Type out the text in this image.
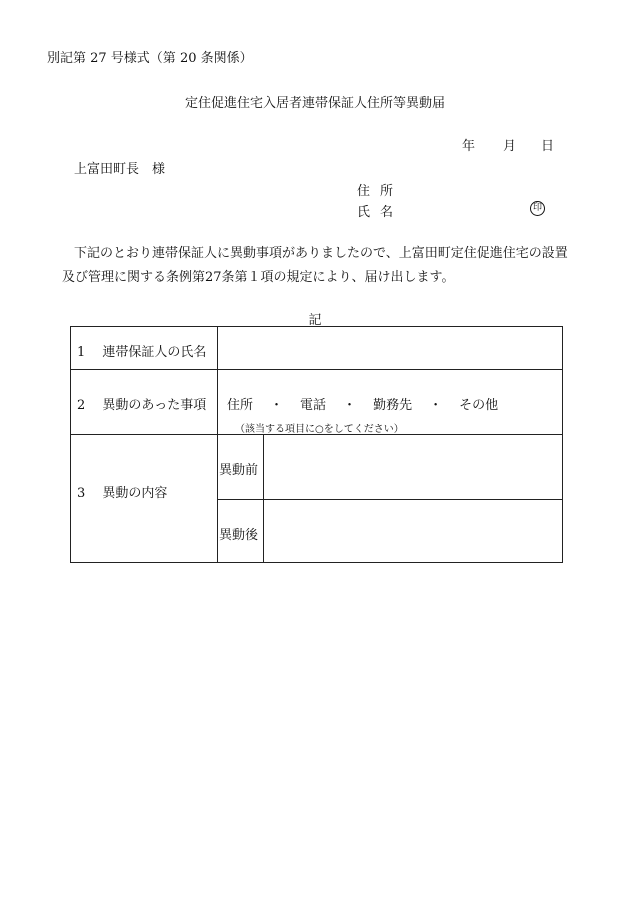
別記第 27 号様式（第 20 条関係）
定住促進住宅入居者連帯保証人住所等異動届
年 月 日
上富田町長　様
住所
氏名	印
下記のとおり連帯保証人に異動事項がありましたので、上富田町定住促進住宅の設置
及び管理に関する条例第27条第１項の規定により、届け出します。
記
1　 連帯保証人の氏名
2　 異動のあった事項 住所 ・ 電話 ・ 勤務先 ・ その他
（該当する項目に○をしてください）
3　 異動の内容
異動前
異動後
